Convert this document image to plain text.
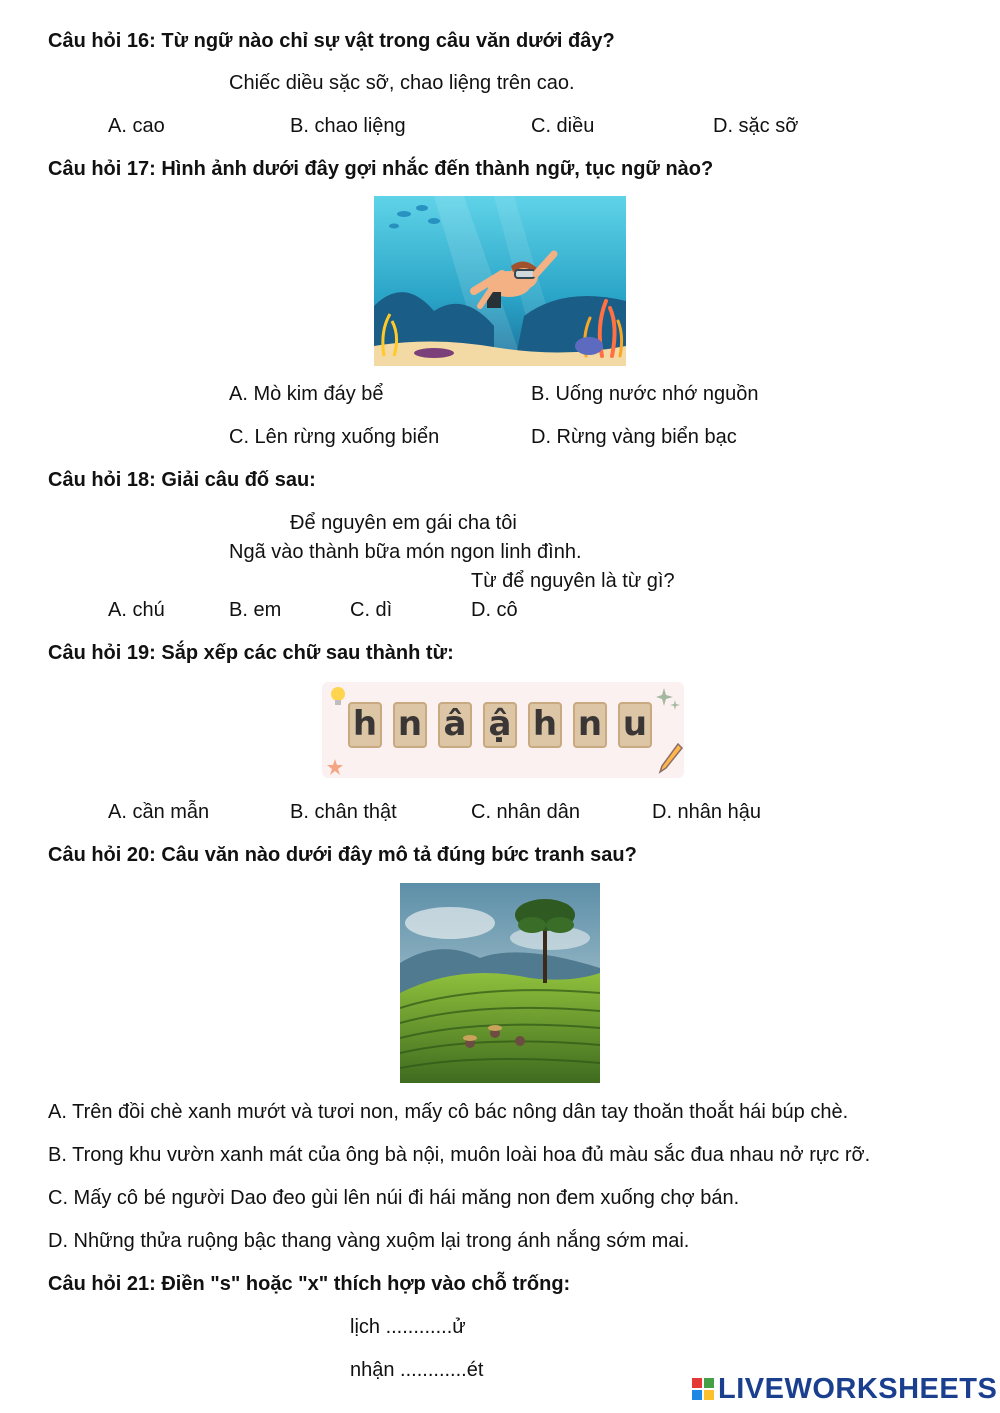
Câu hỏi 16: Từ ngữ nào chỉ sự vật trong câu văn dưới đây?
Chiếc diều sặc sỡ, chao liệng trên cao.
A. cao	B. chao liệng	C. diều	D. sặc sỡ
Câu hỏi 17: Hình ảnh dưới đây gợi nhắc đến thành ngữ, tục ngữ nào?
A. Mò kim đáy bể	B. Uống nước nhớ nguồn
C. Lên rừng xuống biển	D. Rừng vàng biển bạc
Câu hỏi 18: Giải câu đố sau:
Để nguyên em gái cha tôi
Ngã vào thành bữa món ngon linh đình.
Từ để nguyên là từ gì?
A. chú	B. em	C. dì	D. cô
Câu hỏi 19: Sắp xếp các chữ sau thành từ:
h n â ậ h n u
A. cần mẫn	B. chân thật	C. nhân dân	D. nhân hậu
Câu hỏi 20: Câu văn nào dưới đây mô tả đúng bức tranh sau?
A. Trên đồi chè xanh mướt và tươi non, mấy cô bác nông dân tay thoăn thoắt hái búp chè.
B. Trong khu vườn xanh mát của ông bà nội, muôn loài hoa đủ màu sắc đua nhau nở rực rỡ.
C. Mấy cô bé người Dao đeo gùi lên núi đi hái măng non đem xuống chợ bán.
D. Những thửa ruộng bậc thang vàng xuộm lại trong ánh nắng sớm mai.
Câu hỏi 21: Điền "s" hoặc "x" thích hợp vào chỗ trống:
lịch ............ử
nhận ............ét
LIVEWORKSHEETS
